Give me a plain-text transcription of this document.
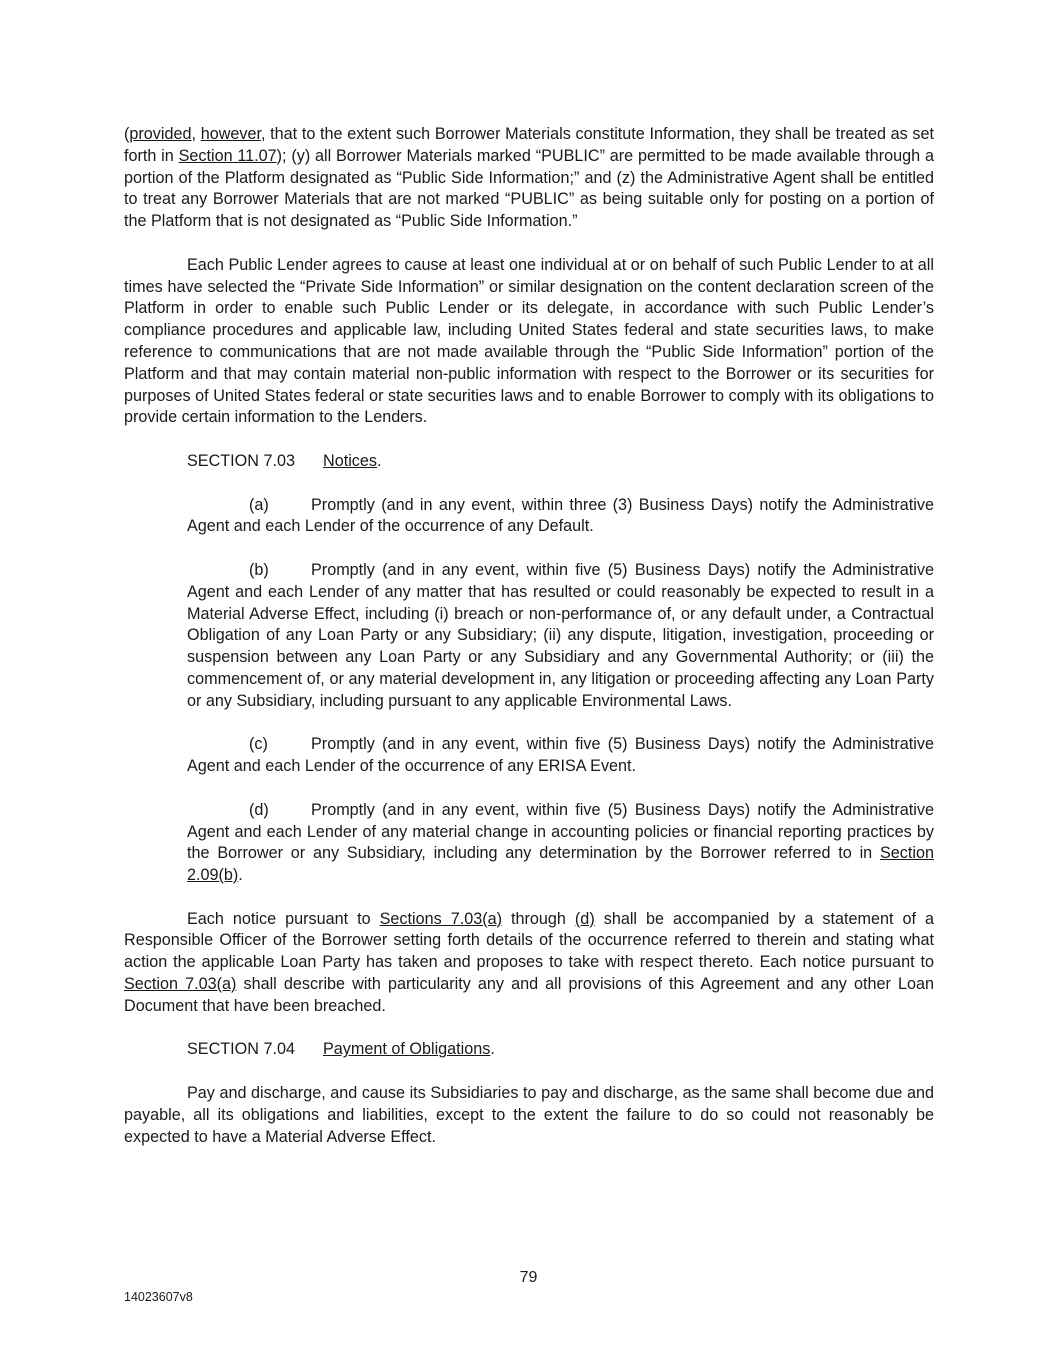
(provided, however, that to the extent such Borrower Materials constitute Information, they shall be treated as set forth in Section 11.07); (y) all Borrower Materials marked “PUBLIC” are permitted to be made available through a portion of the Platform designated as “Public Side Information;” and (z) the Administrative Agent shall be entitled to treat any Borrower Materials that are not marked “PUBLIC” as being suitable only for posting on a portion of the Platform that is not designated as “Public Side Information.”

Each Public Lender agrees to cause at least one individual at or on behalf of such Public Lender to at all times have selected the “Private Side Information” or similar designation on the content declaration screen of the Platform in order to enable such Public Lender or its delegate, in accordance with such Public Lender’s compliance procedures and applicable law, including United States federal and state securities laws, to make reference to communications that are not made available through the “Public Side Information” portion of the Platform and that may contain material non-public information with respect to the Borrower or its securities for purposes of United States federal or state securities laws and to enable Borrower to comply with its obligations to provide certain information to the Lenders.

SECTION 7.03 Notices.

(a)	Promptly (and in any event, within three (3) Business Days) notify the Administrative Agent and each Lender of the occurrence of any Default.

(b)	Promptly (and in any event, within five (5) Business Days) notify the Administrative Agent and each Lender of any matter that has resulted or could reasonably be expected to result in a Material Adverse Effect, including (i) breach or non-performance of, or any default under, a Contractual Obligation of any Loan Party or any Subsidiary; (ii) any dispute, litigation, investigation, proceeding or suspension between any Loan Party or any Subsidiary and any Governmental Authority; or (iii) the commencement of, or any material development in, any litigation or proceeding affecting any Loan Party or any Subsidiary, including pursuant to any applicable Environmental Laws.

(c)	Promptly (and in any event, within five (5) Business Days) notify the Administrative Agent and each Lender of the occurrence of any ERISA Event.

(d)	Promptly (and in any event, within five (5) Business Days) notify the Administrative Agent and each Lender of any material change in accounting policies or financial reporting practices by the Borrower or any Subsidiary, including any determination by the Borrower referred to in Section 2.09(b).

Each notice pursuant to Sections 7.03(a) through (d) shall be accompanied by a statement of a Responsible Officer of the Borrower setting forth details of the occurrence referred to therein and stating what action the applicable Loan Party has taken and proposes to take with respect thereto. Each notice pursuant to Section 7.03(a) shall describe with particularity any and all provisions of this Agreement and any other Loan Document that have been breached.

SECTION 7.04 Payment of Obligations.

Pay and discharge, and cause its Subsidiaries to pay and discharge, as the same shall become due and payable, all its obligations and liabilities, except to the extent the failure to do so could not reasonably be expected to have a Material Adverse Effect.

79
14023607v8
